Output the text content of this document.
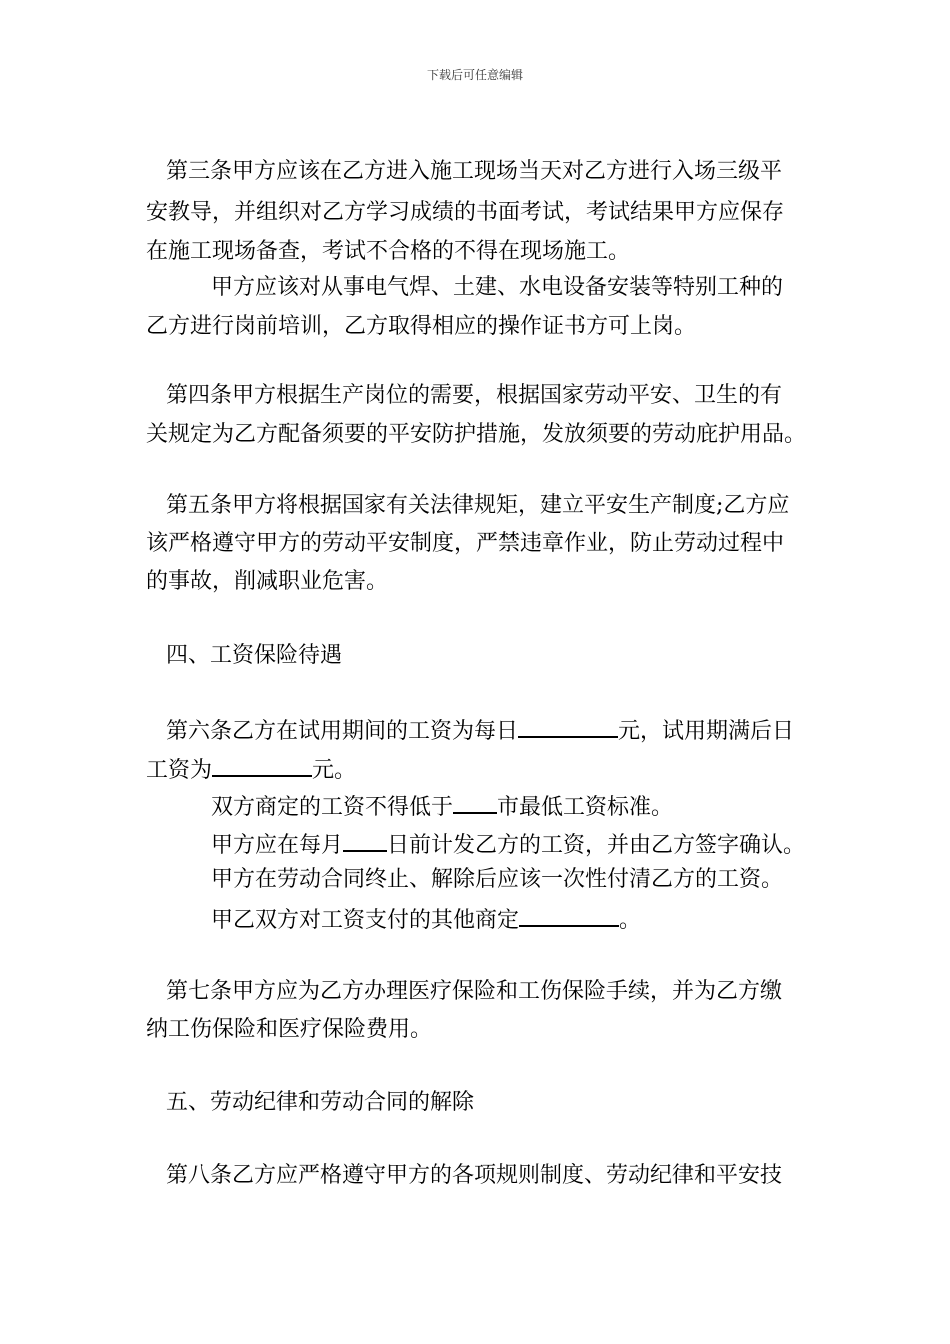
下载后可任意编辑
第三条甲方应该在乙方进入施工现场当天对乙方进行入场三级平
安教导，并组织对乙方学习成绩的书面考试，考试结果甲方应保存
在施工现场备查，考试不合格的不得在现场施工。
甲方应该对从事电气焊、土建、水电设备安装等特别工种的
乙方进行岗前培训，乙方取得相应的操作证书方可上岗。
第四条甲方根据生产岗位的需要，根据国家劳动平安、卫生的有
关规定为乙方配备须要的平安防护措施，发放须要的劳动庇护用品。
第五条甲方将根据国家有关法律规矩，建立平安生产制度;乙方应
该严格遵守甲方的劳动平安制度，严禁违章作业，防止劳动过程中
的事故，削减职业危害。
四、工资保险待遇
第六条乙方在试用期间的工资为每日	元，试用期满后日
工资为	元。
双方商定的工资不得低于 市最低工资标准。
甲方应在每月 日前计发乙方的工资，并由乙方签字确认。
甲方在劳动合同终止、解除后应该一次性付清乙方的工资。
甲乙双方对工资支付的其他商定	。
第七条甲方应为乙方办理医疗保险和工伤保险手续，并为乙方缴
纳工伤保险和医疗保险费用。
五、劳动纪律和劳动合同的解除
第八条乙方应严格遵守甲方的各项规则制度、劳动纪律和平安技
